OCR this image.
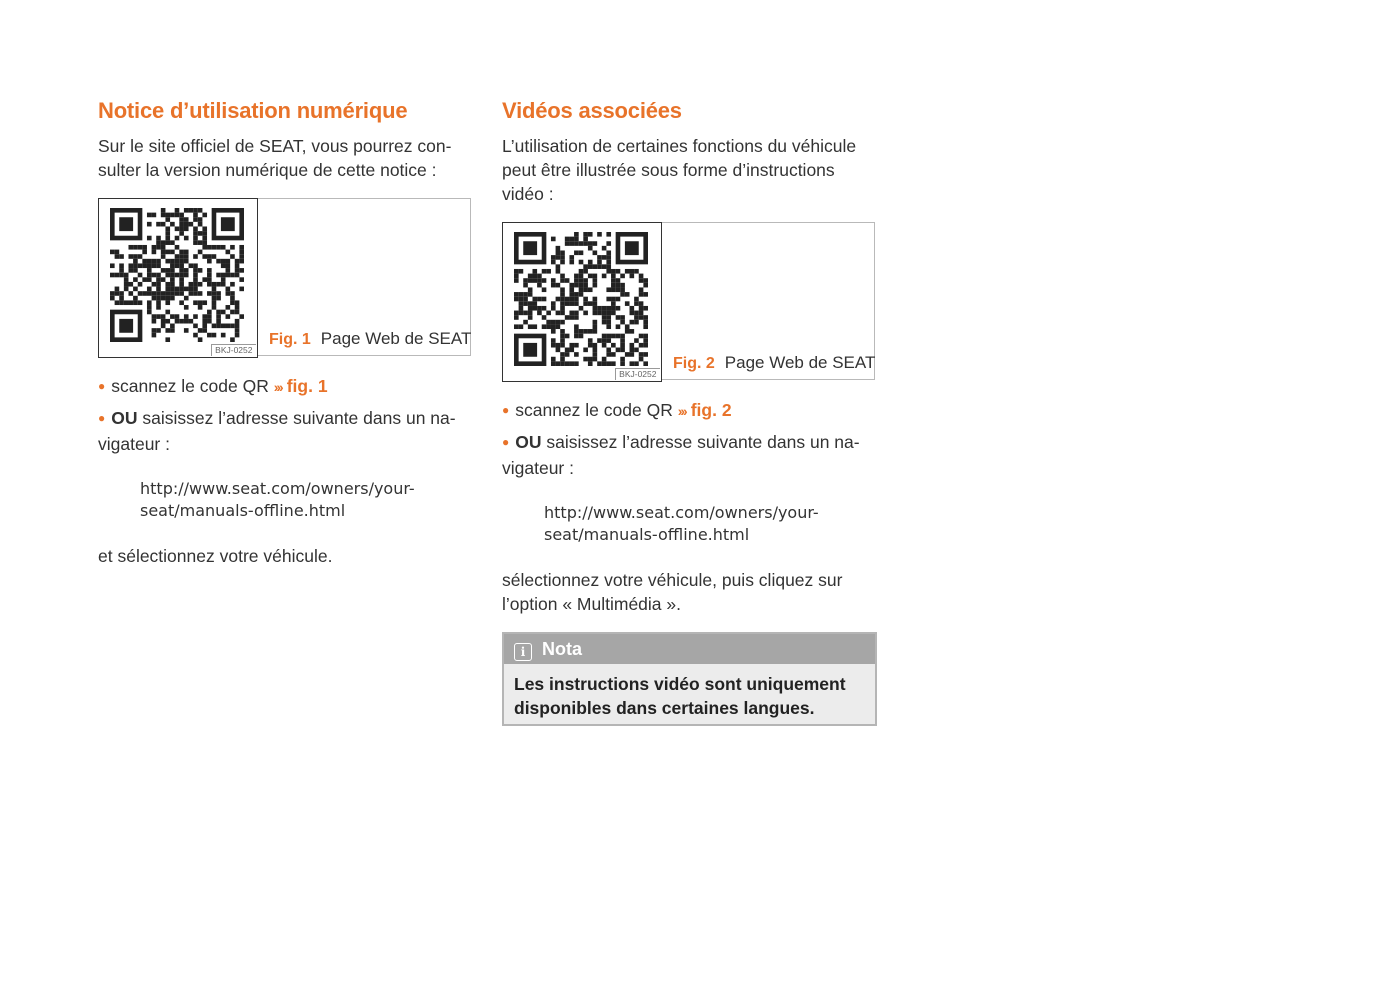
Notice d’utilisation numérique

Sur le site officiel de SEAT, vous pourrez con-
sulter la version numérique de cette notice :

BKJ-0252
Fig. 1 Page Web de SEAT
● scannez le code QR ››› fig. 1
● OU saisissez l’adresse suivante dans un na-
vigateur :
http://www.seat.com/owners/your-
seat/manuals-offline.html

et sélectionnez votre véhicule.

Vidéos associées

L’utilisation de certaines fonctions du véhicule
peut être illustrée sous forme d’instructions
vidéo :

BKJ-0252
Fig. 2 Page Web de SEAT
● scannez le code QR ››› fig. 2
● OU saisissez l’adresse suivante dans un na-
vigateur :
http://www.seat.com/owners/your-
seat/manuals-offline.html

sélectionnez votre véhicule, puis cliquez sur
l’option « Multimédia ».

i Nota
Les instructions vidéo sont uniquement
disponibles dans certaines langues.
